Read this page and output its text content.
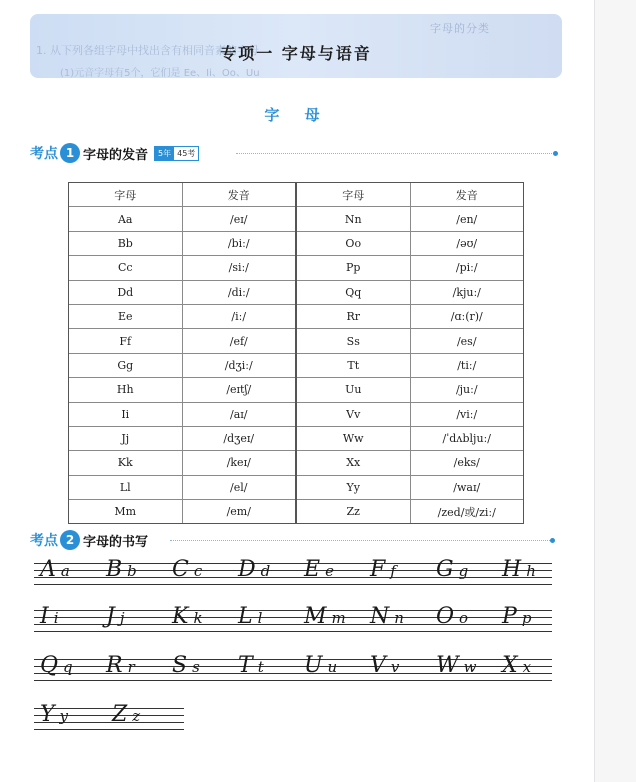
字母的分类
1. 从下列各组字母中找出含有相同音素的字母
(1)元音字母有5个，它们是 Ee、Ii、Oo、Uu
专项一 字母与语音
字 母
考点 1 字母的发音	5年 45考
字母	发音
Aa	/eɪ/
Bb	/biː/
Cc	/siː/
Dd	/diː/
Ee	/iː/
Ff	/ef/
Gg	/dʒiː/
Hh	/eɪtʃ/
Ii	/aɪ/
Jj	/dʒeɪ/
Kk	/keɪ/
Ll	/el/
Mm	/em/
字母	发音
Nn	/en/
Oo	/əʊ/
Pp	/piː/
Qq	/kjuː/
Rr	/ɑː(r)/
Ss	/es/
Tt	/tiː/
Uu	/juː/
Vv	/viː/
Ww	/ˈdʌbljuː/
Xx	/eks/
Yy	/waɪ/
Zz	/zed/或/ziː/
考点 2 字母的书写
A a B b C c D d E e F f G g H h
I i J j K k L l M m N n O o P p
Q q R r S s T t U u V v W w X x
Y y Z z
